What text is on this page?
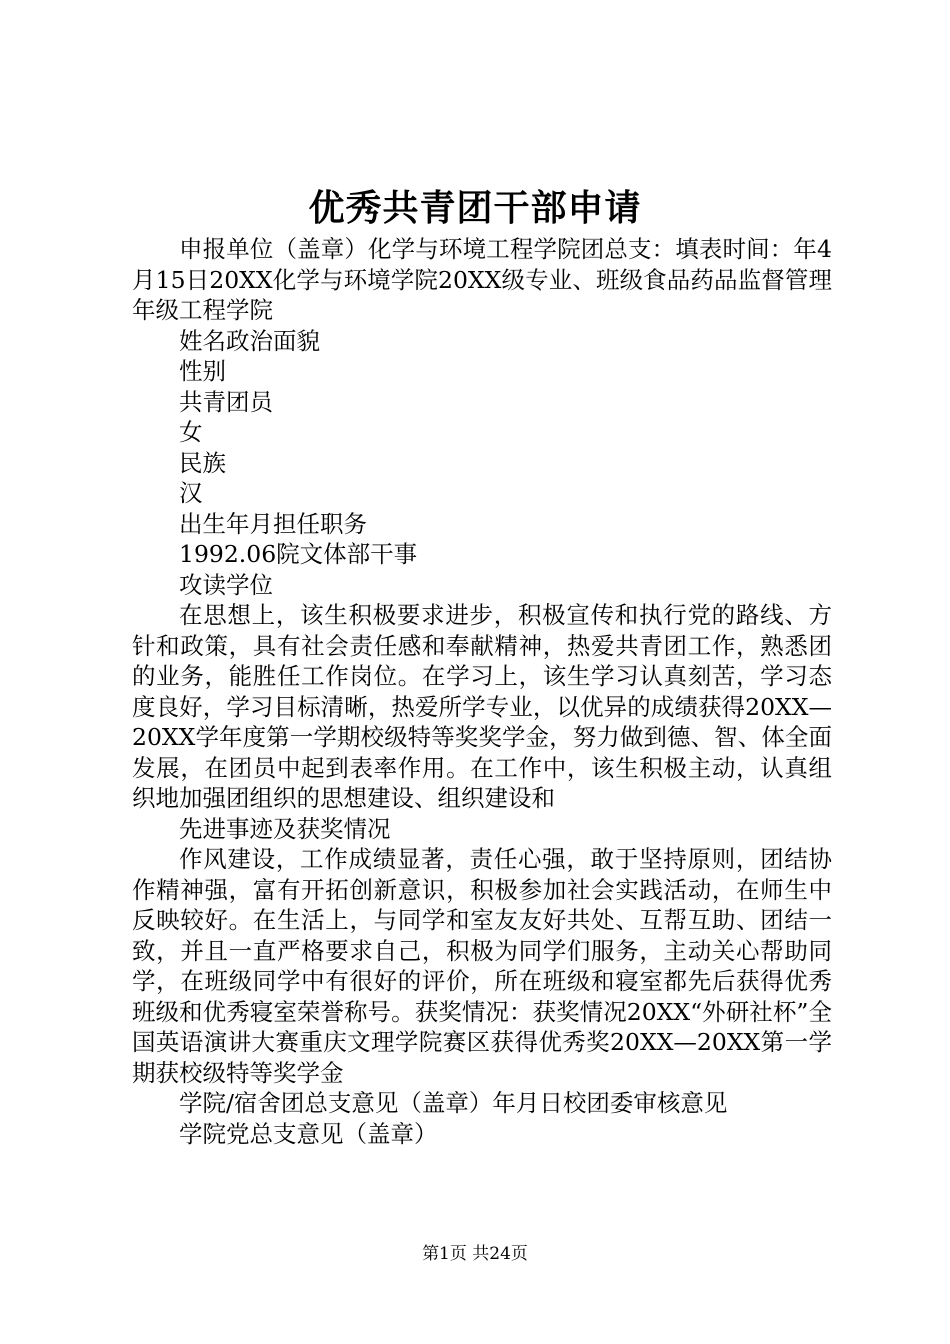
优秀共青团干部申请

申报单位（盖章）化学与环境工程学院团总支：填表时间：年4月15日20XX化学与环境学院20XX级专业、班级食品药品监督管理年级工程学院

姓名政治面貌

性别

共青团员

女

民族

汉

出生年月担任职务

1992.06院文体部干事

攻读学位

在思想上，该生积极要求进步，积极宣传和执行党的路线、方针和政策，具有社会责任感和奉献精神，热爱共青团工作，熟悉团的业务，能胜任工作岗位。在学习上，该生学习认真刻苦，学习态度良好，学习目标清晰，热爱所学专业，以优异的成绩获得20XX—20XX学年度第一学期校级特等奖奖学金，努力做到德、智、体全面发展，在团员中起到表率作用。在工作中，该生积极主动，认真组织地加强团组织的思想建设、组织建设和

先进事迹及获奖情况

作风建设，工作成绩显著，责任心强，敢于坚持原则，团结协作精神强，富有开拓创新意识，积极参加社会实践活动，在师生中反映较好。在生活上，与同学和室友友好共处、互帮互助、团结一致，并且一直严格要求自己，积极为同学们服务，主动关心帮助同学，在班级同学中有很好的评价，所在班级和寝室都先后获得优秀班级和优秀寝室荣誉称号。获奖情况：获奖情况20XX“外研社杯”全国英语演讲大赛重庆文理学院赛区获得优秀奖20XX—20XX第一学期获校级特等奖学金

学院/宿舍团总支意见（盖章）年月日校团委审核意见

学院党总支意见（盖章）

第1页 共24页
